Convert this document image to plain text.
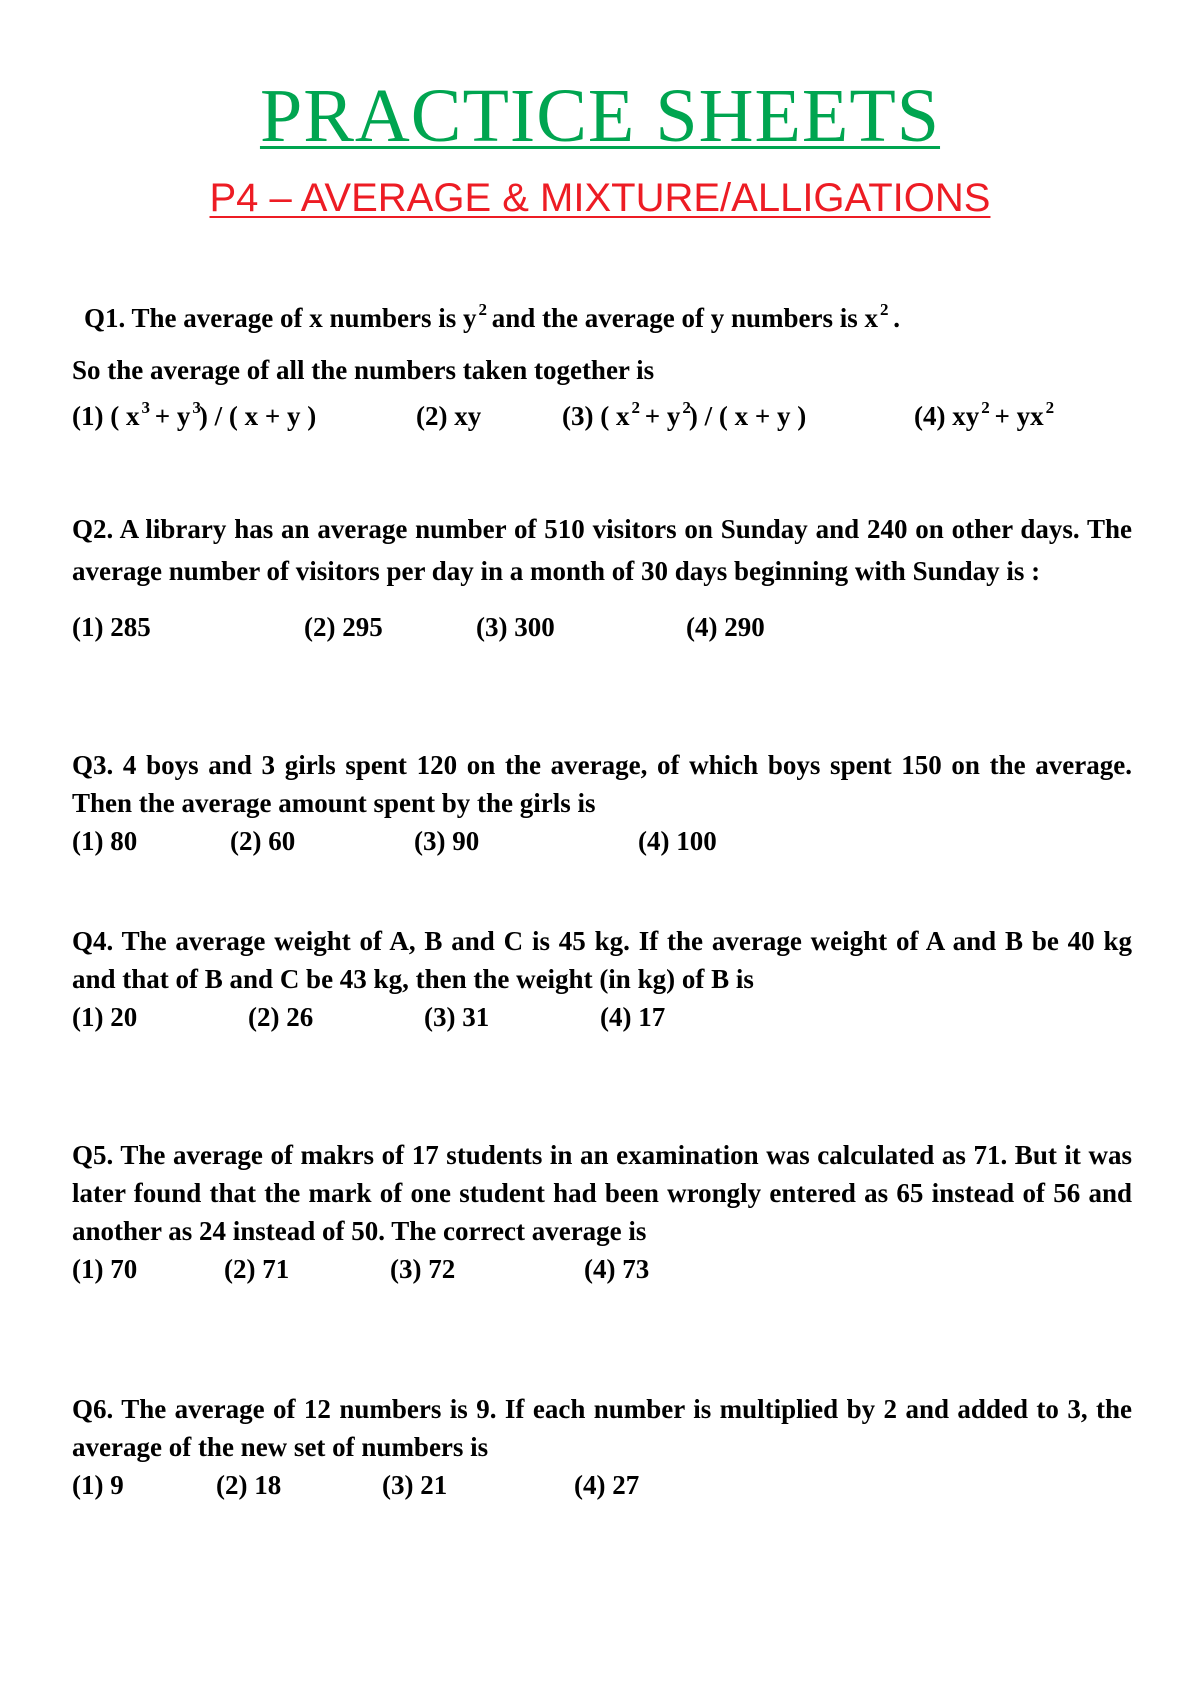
PRACTICE SHEETS
P4 – AVERAGE & MIXTURE/ALLIGATIONS
Q1. The average of x numbers is y $^2$ and the average of y numbers is x $^2$ .
So the average of all the numbers taken together is
(1) ( x $^3$ + y $^3$) / ( x + y )	(2) xy	(3) ( x $^2$ + y $^2$) / ( x + y )	(4) xy $^2$ + yx $^2$
Q2. A library has an average number of 510 visitors on Sunday and 240 on other days. The average number of visitors per day in a month of 30 days beginning with Sunday is :
(1) 285	(2) 295	(3) 300	(4) 290
Q3. 4 boys and 3 girls spent 120 on the average, of which boys spent 150 on the average. Then the average amount spent by the girls is
(1) 80	(2) 60	(3) 90	(4) 100
Q4. The average weight of A, B and C is 45 kg. If the average weight of A and B be 40 kg and that of B and C be 43 kg, then the weight (in kg) of B is
(1) 20	(2) 26	(3) 31	(4) 17
Q5. The average of makrs of 17 students in an examination was calculated as 71. But it was later found that the mark of one student had been wrongly entered as 65 instead of 56 and another as 24 instead of 50. The correct average is
(1) 70	(2) 71	(3) 72	(4) 73
Q6. The average of 12 numbers is 9. If each number is multiplied by 2 and added to 3, the average of the new set of numbers is
(1) 9	(2) 18	(3) 21	(4) 27
